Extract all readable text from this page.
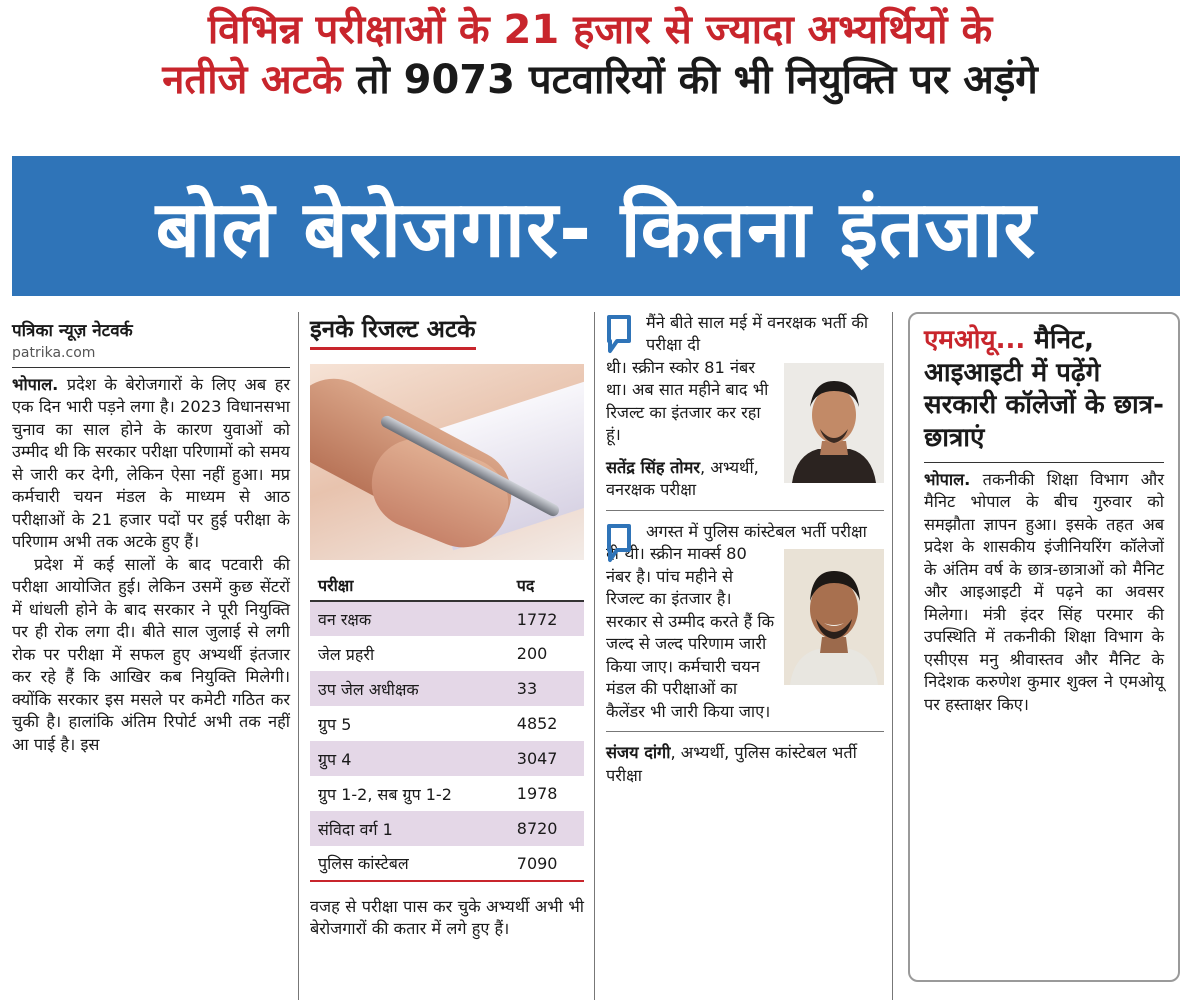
विभिन्न परीक्षाओं के 21 हजार से ज्यादा अभ्यर्थियों के
नतीजे अटके तो 9073 पटवारियों की भी नियुक्ति पर अड़ंगे
बोले बेरोजगार- कितना इंतजार
पत्रिका न्यूज़ नेटवर्क
patrika.com

भोपाल. प्रदेश के बेरोजगारों के लिए अब हर एक दिन भारी पड़ने लगा है। 2023 विधानसभा चुनाव का साल होने के कारण युवाओं को उम्मीद थी कि सरकार परीक्षा परिणामों को समय से जारी कर देगी, लेकिन ऐसा नहीं हुआ। मप्र कर्मचारी चयन मंडल के माध्यम से आठ परीक्षाओं के 21 हजार पदों पर हुई परीक्षा के परिणाम अभी तक अटके हुए हैं।

प्रदेश में कई सालों के बाद पटवारी की परीक्षा आयोजित हुई। लेकिन उसमें कुछ सेंटरों में धांधली होने के बाद सरकार ने पूरी नियुक्ति पर ही रोक लगा दी। बीते साल जुलाई से लगी रोक पर परीक्षा में सफल हुए अभ्यर्थी इंतजार कर रहे हैं कि आखिर कब नियुक्ति मिलेगी। क्योंकि सरकार इस मसले पर कमेटी गठित कर चुकी है। हालांकि अंतिम रिपोर्ट अभी तक नहीं आ पाई है। इस

इनके रिजल्ट अटके
परीक्षा	पद
वन रक्षक	1772
जेल प्रहरी	200
उप जेल अधीक्षक	33
ग्रुप 5	4852
ग्रुप 4	3047
ग्रुप 1-2, सब ग्रुप 1-2	1978
संविदा वर्ग 1	8720
पुलिस कांस्टेबल	7090
वजह से परीक्षा पास कर चुके अभ्यर्थी अभी भी बेरोजगारों की कतार में लगे हुए हैं।
मैंने बीते साल मई में वनरक्षक भर्ती की परीक्षा दी
थी। स्क्रीन स्कोर 81 नंबर था। अब सात महीने बाद भी रिजल्ट का इंतजार कर रहा हूं।
सतेंद्र सिंह तोमर, अभ्यर्थी, वनरक्षक परीक्षा
अगस्त में पुलिस कांस्टेबल भर्ती परीक्षा
दी थी। स्क्रीन मार्क्स 80 नंबर है। पांच महीने से रिजल्ट का इंतजार है। सरकार से उम्मीद करते हैं कि जल्द से जल्द परिणाम जारी किया जाए। कर्मचारी चयन मंडल की परीक्षाओं का कैलेंडर भी जारी किया जाए।
संजय दांगी, अभ्यर्थी, पुलिस कांस्टेबल भर्ती परीक्षा
एमओयू... मैनिट, आइआइटी में पढ़ेंगे सरकारी कॉलेजों के छात्र-छात्राएं
भोपाल. तकनीकी शिक्षा विभाग और मैनिट भोपाल के बीच गुरुवार को समझौता ज्ञापन हुआ। इसके तहत अब प्रदेश के शासकीय इंजीनियरिंग कॉलेजों के अंतिम वर्ष के छात्र-छात्राओं को मैनिट और आइआइटी में पढ़ने का अवसर मिलेगा। मंत्री इंदर सिंह परमार की उपस्थिति में तकनीकी शिक्षा विभाग के एसीएस मनु श्रीवास्तव और मैनिट के निदेशक करुणेश कुमार शुक्ल ने एमओयू पर हस्ताक्षर किए।
